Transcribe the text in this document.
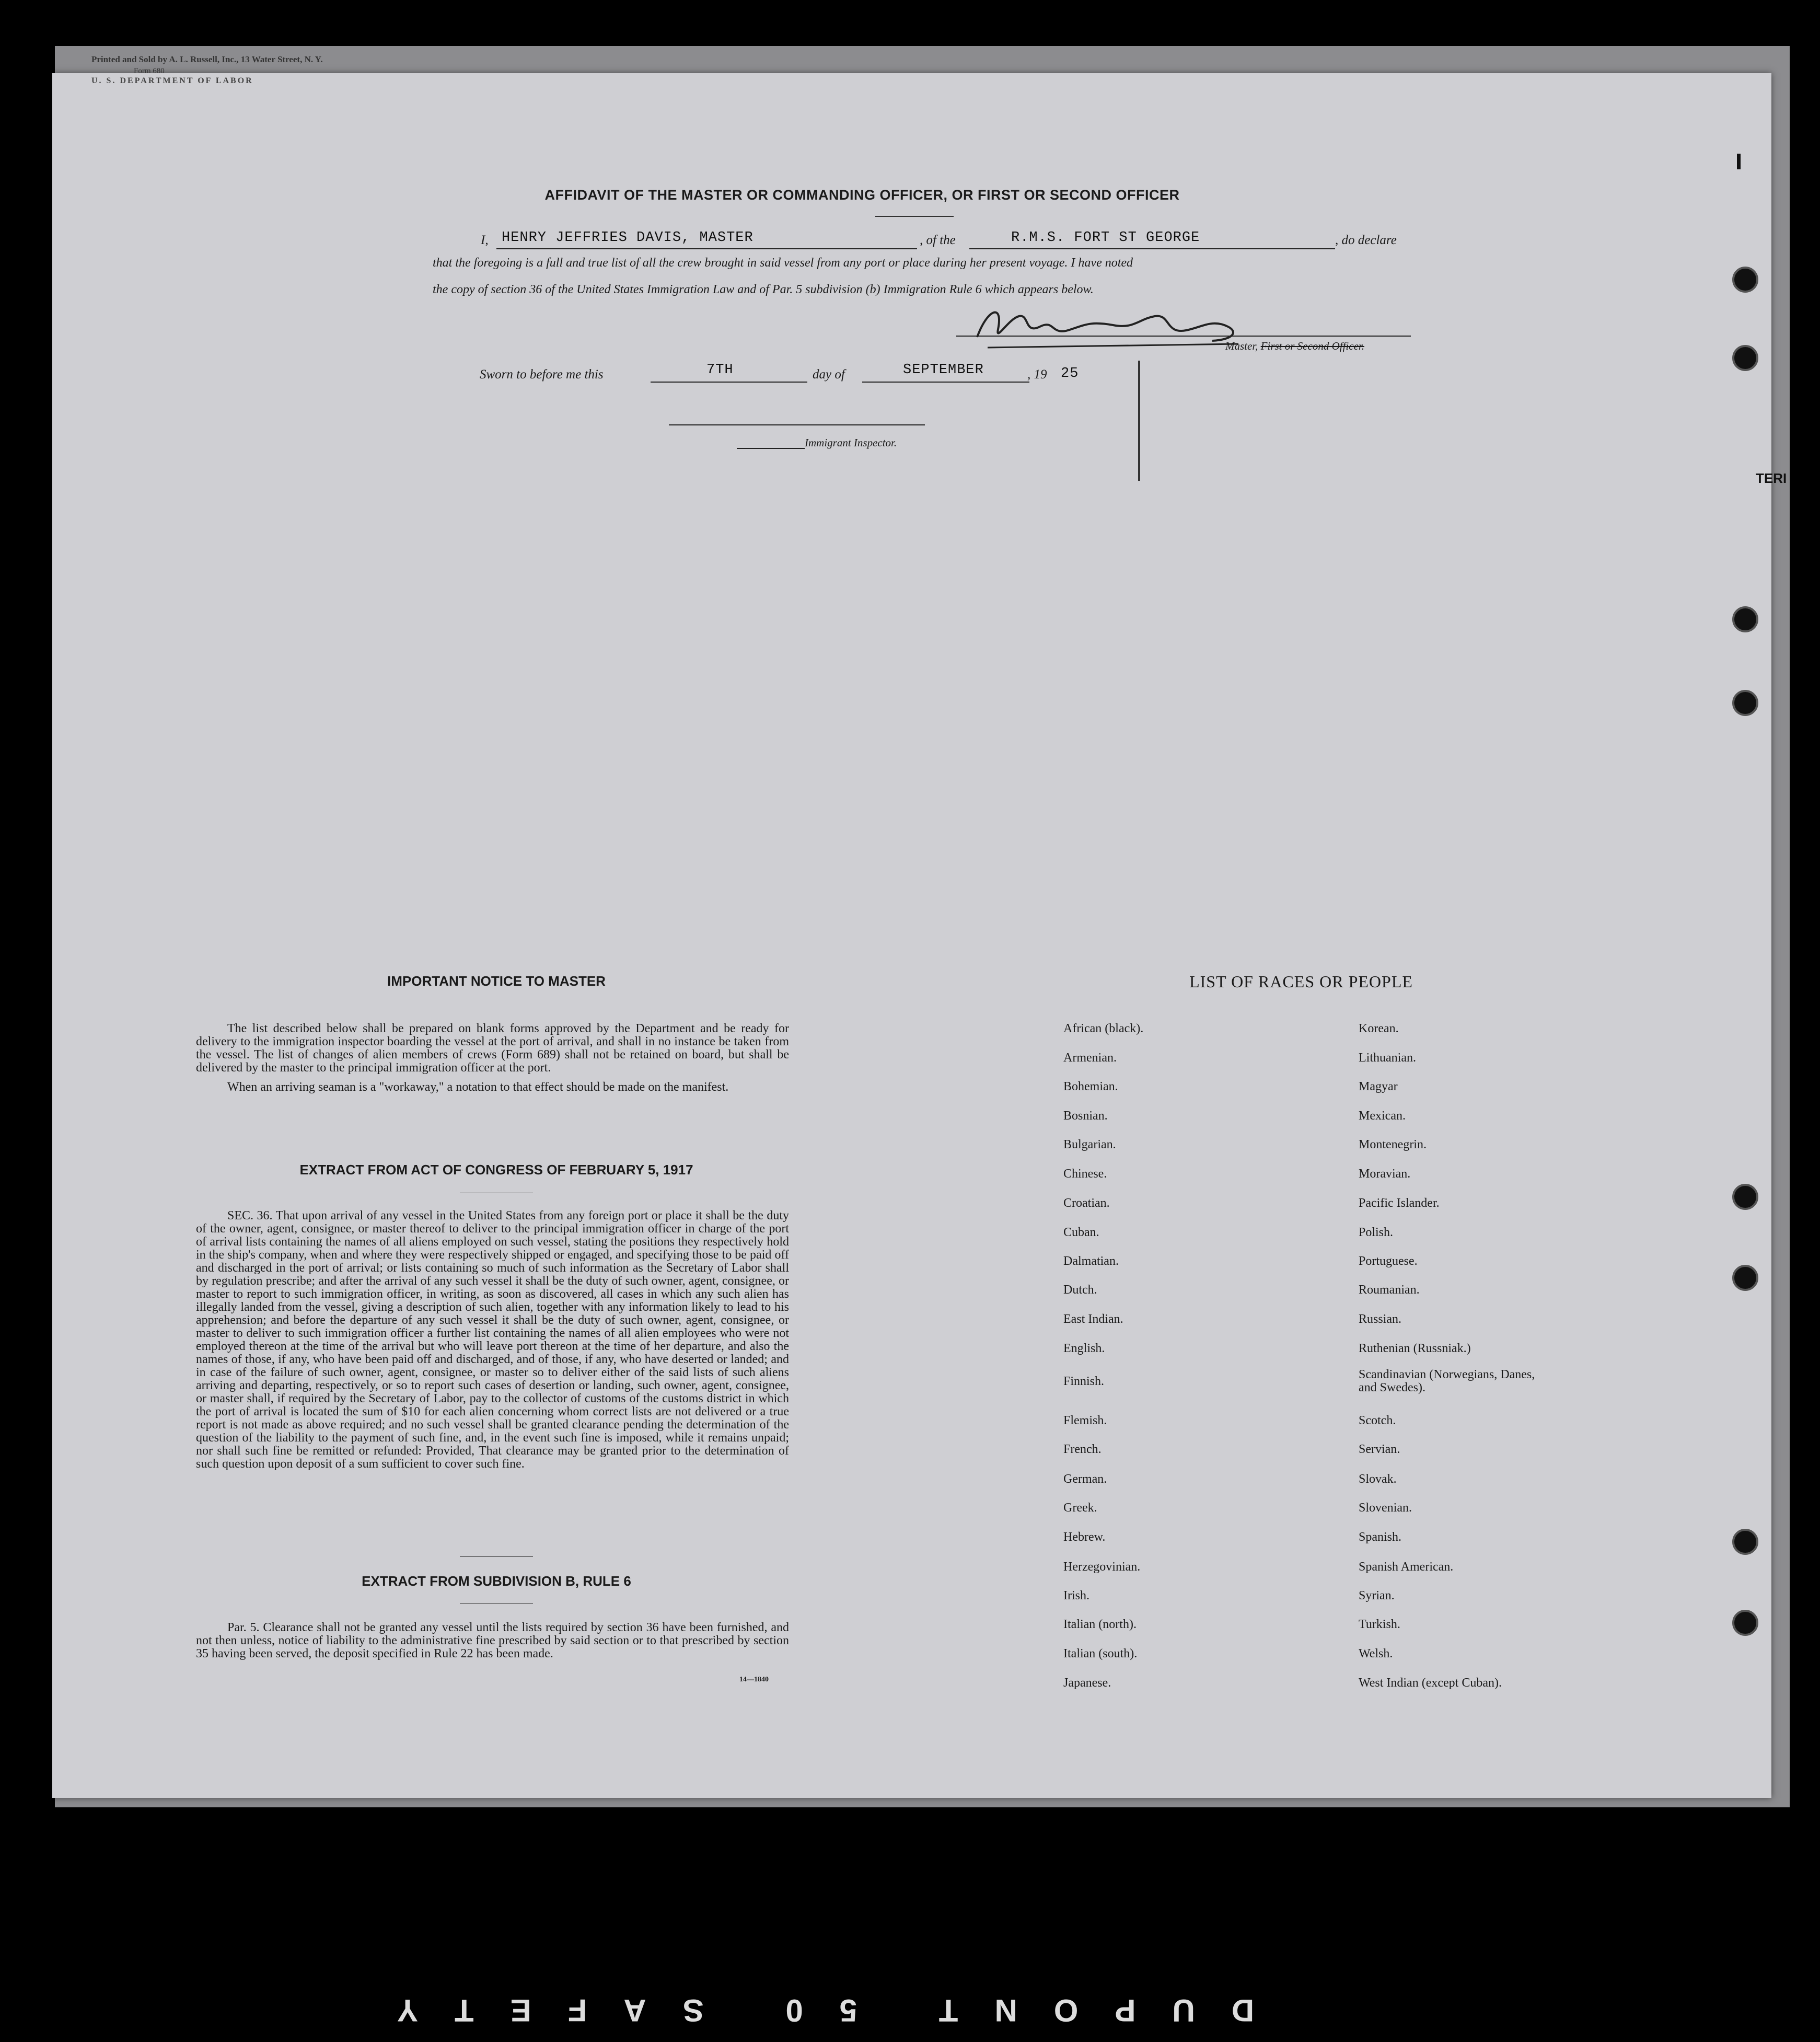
Printed and Sold by A. L. Russell, Inc., 13 Water Street, N. Y.
Form 680
U. S. DEPARTMENT OF LABOR
AFFIDAVIT OF THE MASTER OR COMMANDING OFFICER, OR FIRST OR SECOND OFFICER
I, HENRY JEFFRIES DAVIS, MASTER	, of the	R.M.S. FORT ST GEORGE	, do declare
that the foregoing is a full and true list of all the crew brought in said vessel from any port or place during her present voyage. I have noted
the copy of section 36 of the United States Immigration Law and of Par. 5 subdivision (b) Immigration Rule 6 which appears below.
Master, First or Second Officer.
Sworn to before me this	7TH	day of	SEPTEMBER	, 19 25
Immigrant Inspector.
IMPORTANT NOTICE TO MASTER

The list described below shall be prepared on blank forms approved by the Department and be ready for delivery to the immigration inspector boarding the vessel at the port of arrival, and shall in no instance be taken from the vessel. The list of changes of alien members of crews (Form 689) shall not be retained on board, but shall be delivered by the master to the principal immigration officer at the port.

When an arriving seaman is a "workaway," a notation to that effect should be made on the manifest.

EXTRACT FROM ACT OF CONGRESS OF FEBRUARY 5, 1917

SEC. 36. That upon arrival of any vessel in the United States from any foreign port or place it shall be the duty of the owner, agent, consignee, or master thereof to deliver to the principal immigration officer in charge of the port of arrival lists containing the names of all aliens employed on such vessel, stating the positions they respectively hold in the ship's company, when and where they were respectively shipped or engaged, and specifying those to be paid off and discharged in the port of arrival; or lists containing so much of such information as the Secretary of Labor shall by regulation prescribe; and after the arrival of any such vessel it shall be the duty of such owner, agent, consignee, or master to report to such immigration officer, in writing, as soon as discovered, all cases in which any such alien has illegally landed from the vessel, giving a description of such alien, together with any information likely to lead to his apprehension; and before the departure of any such vessel it shall be the duty of such owner, agent, consignee, or master to deliver to such immigration officer a further list containing the names of all alien employees who were not employed thereon at the time of the arrival but who will leave port thereon at the time of her departure, and also the names of those, if any, who have been paid off and discharged, and of those, if any, who have deserted or landed; and in case of the failure of such owner, agent, consignee, or master so to deliver either of the said lists of such aliens arriving and departing, respectively, or so to report such cases of desertion or landing, such owner, agent, consignee, or master shall, if required by the Secretary of Labor, pay to the collector of customs of the customs district in which the port of arrival is located the sum of $10 for each alien concerning whom correct lists are not delivered or a true report is not made as above required; and no such vessel shall be granted clearance pending the determination of the question of the liability to the payment of such fine, and, in the event such fine is imposed, while it remains unpaid; nor shall such fine be remitted or refunded: Provided, That clearance may be granted prior to the determination of such question upon deposit of a sum sufficient to cover such fine.

EXTRACT FROM SUBDIVISION B, RULE 6

Par. 5. Clearance shall not be granted any vessel until the lists required by section 36 have been furnished, and not then unless, notice of liability to the administrative fine prescribed by said section or to that prescribed by section 35 having been served, the deposit specified in Rule 22 has been made.

14—1840
LIST OF RACES OR PEOPLE
African (black).
Armenian.
Bohemian.
Bosnian.
Bulgarian.
Chinese.
Croatian.
Cuban.
Dalmatian.
Dutch.
East Indian.
English.
Finnish.
Flemish.
French.
German.
Greek.
Hebrew.
Herzegovinian.
Irish.
Italian (north).
Italian (south).
Japanese.
Korean.
Lithuanian.
Magyar
Mexican.
Montenegrin.
Moravian.
Pacific Islander.
Polish.
Portuguese.
Roumanian.
Russian.
Ruthenian (Russniak.)
Scandinavian (Norwegians, Danes, and Swedes).
Scotch.
Servian.
Slovak.
Slovenian.
Spanish.
Spanish American.
Syrian.
Turkish.
Welsh.
West Indian (except Cuban).
TERI
DUPONT 50 SAFETY
